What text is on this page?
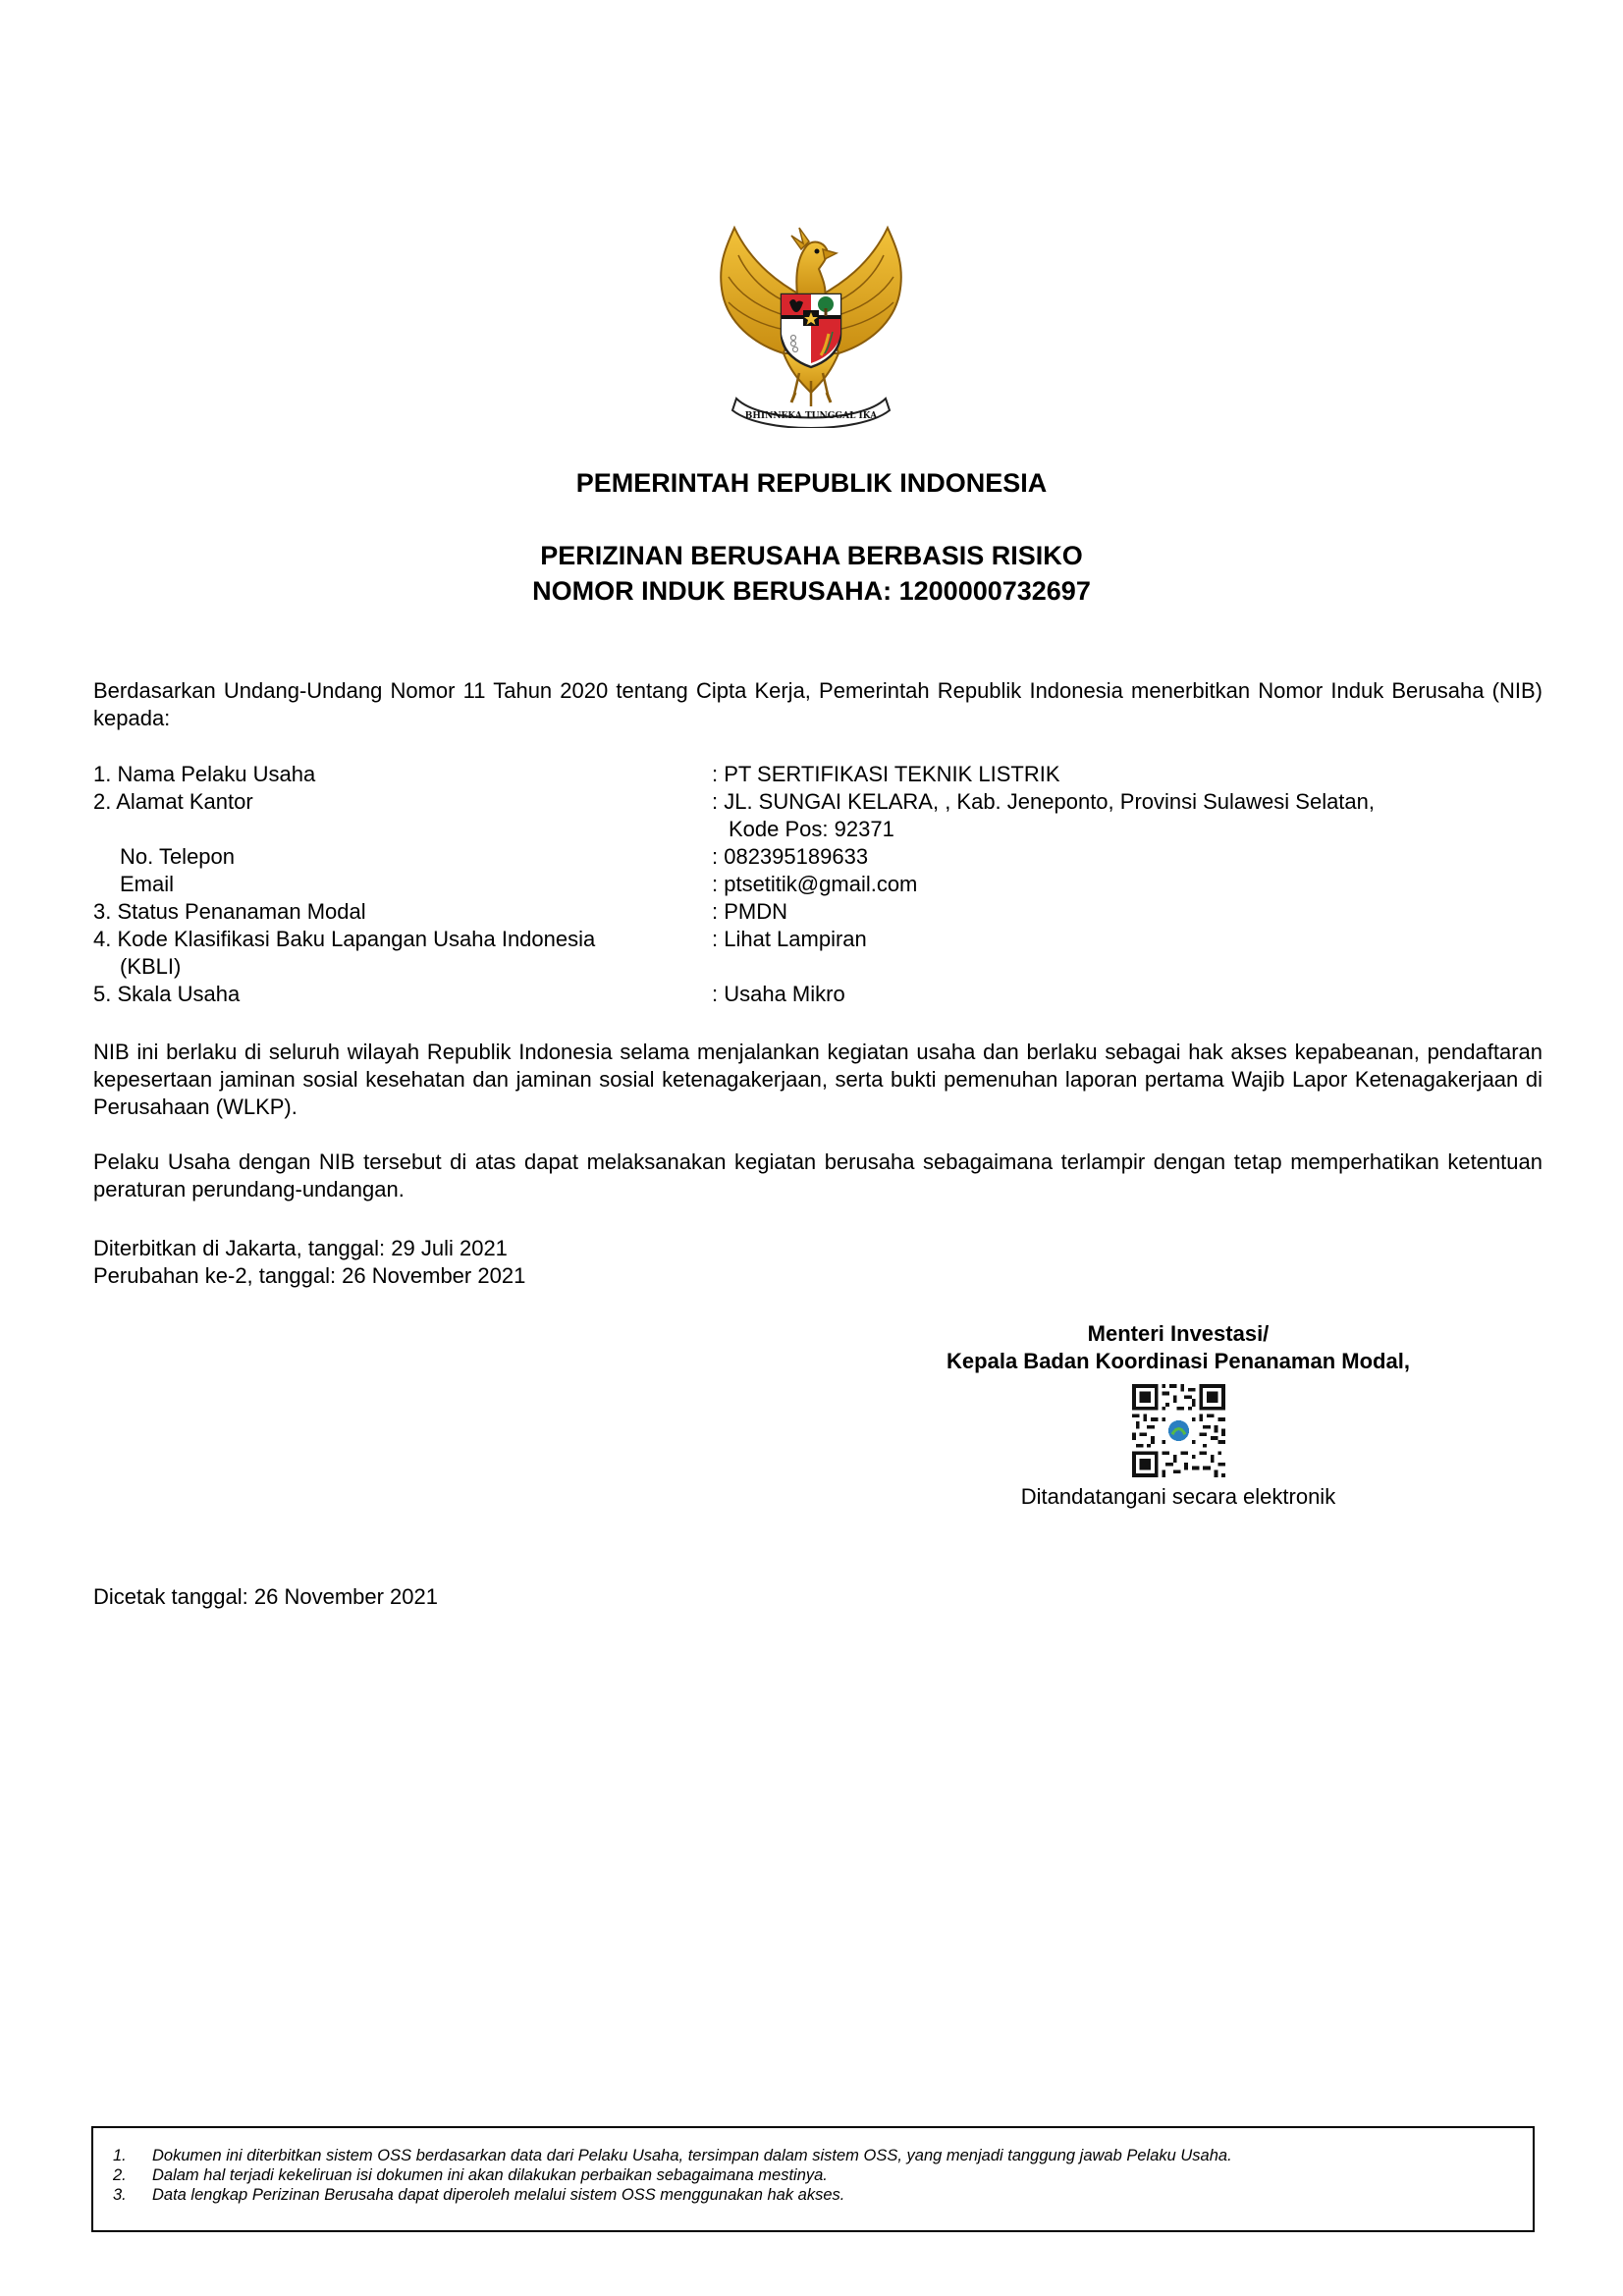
BHINNEKA TUNGGAL IKA

PEMERINTAH REPUBLIK INDONESIA

PERIZINAN BERUSAHA BERBASIS RISIKO

NOMOR INDUK BERUSAHA: 1200000732697

Berdasarkan Undang-Undang Nomor 11 Tahun 2020 tentang Cipta Kerja, Pemerintah Republik Indonesia menerbitkan Nomor Induk Berusaha (NIB) kepada:

1. Nama Pelaku Usaha	: PT SERTIFIKASI TEKNIK LISTRIK

2. Alamat Kantor	: JL. SUNGAI KELARA, , Kab. Jeneponto, Provinsi Sulawesi Selatan,

Kode Pos: 92371

No. Telepon	: 082395189633

Email	: ptsetitik@gmail.com

3. Status Penanaman Modal	: PMDN

4. Kode Klasifikasi Baku Lapangan Usaha Indonesia	: Lihat Lampiran

(KBLI)

5. Skala Usaha	: Usaha Mikro

NIB ini berlaku di seluruh wilayah Republik Indonesia selama menjalankan kegiatan usaha dan berlaku sebagai hak akses kepabeanan, pendaftaran kepesertaan jaminan sosial kesehatan dan jaminan sosial ketenagakerjaan, serta bukti pemenuhan laporan pertama Wajib Lapor Ketenagakerjaan di Perusahaan (WLKP).

Pelaku Usaha dengan NIB tersebut di atas dapat melaksanakan kegiatan berusaha sebagaimana terlampir dengan tetap memperhatikan ketentuan peraturan perundang-undangan.

Diterbitkan di Jakarta, tanggal: 29 Juli 2021

Perubahan ke-2, tanggal: 26 November 2021

Menteri Investasi/

Kepala Badan Koordinasi Penanaman Modal,

Ditandatangani secara elektronik

Dicetak tanggal: 26 November 2021

1.	Dokumen ini diterbitkan sistem OSS berdasarkan data dari Pelaku Usaha, tersimpan dalam sistem OSS, yang menjadi tanggung jawab Pelaku Usaha.

2.	Dalam hal terjadi kekeliruan isi dokumen ini akan dilakukan perbaikan sebagaimana mestinya.

3.	Data lengkap Perizinan Berusaha dapat diperoleh melalui sistem OSS menggunakan hak akses.
